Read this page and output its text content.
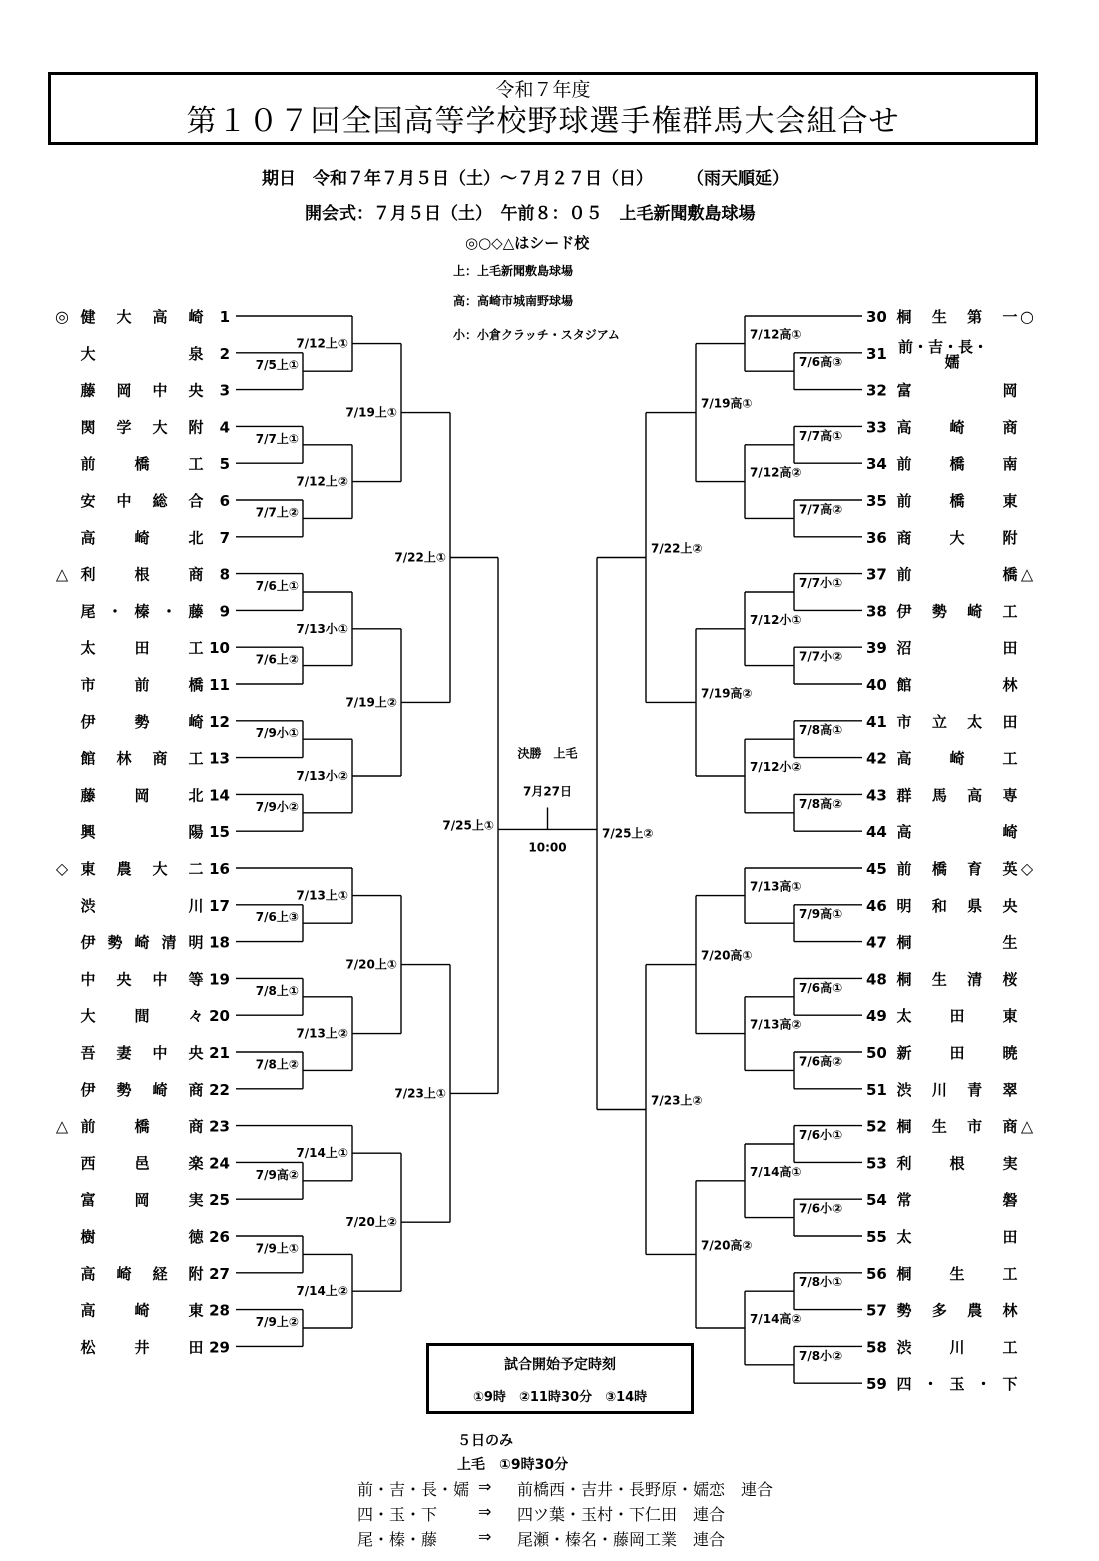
令和７年度
第１０７回全国高等学校野球選手権群馬大会組合せ
期日　令和７年７月５日（土）～７月２７日（日）　　　（雨天順延）
開会式：７月５日（土）　午前８：０５　上毛新聞敷島球場
◎○◇△はシード校
上：上毛新聞敷島球場
高：高崎市城南野球場
小：小倉クラッチ・スタジアム
◎ 健 大 高 崎 1
大	泉 2
藤 岡 中 央 3
関 学 大 附 4
前	橋	工 5
安 中 総 合 6
高	崎	北 7
△ 利	根	商 8
尾 ・ 榛 ・ 藤 9
太	田	工 10
市	前	橋 11
伊	勢	崎 12
館 林 商 工 13
藤	岡	北 14
興	陽 15
◇ 東 農 大 二 16
渋	川 17
伊 勢 崎 清 明 18
中 央 中 等 19
大	間	々 20
吾 妻 中 央 21
伊 勢 崎 商 22
△ 前	橋	商 23
西	邑	楽 24
富	岡	実 25
樹	徳 26
高 崎 経 附 27
高	崎	東 28
松	井	田 29
30 桐 生 第 一 ○
31 前・吉・長・
嬬
32 富	岡
33 高	崎	商
34 前	橋	南
35 前	橋	東
36 商	大	附
37 前	橋 △
38 伊 勢 崎 工
39 沼	田
40 館	林
41 市 立 太 田
42 高	崎	工
43 群 馬 高 専
44 高	崎
45 前 橋 育 英 ◇
46 明 和 県 央
47 桐	生
48 桐 生 清 桜
49 太	田	東
50 新	田	暁
51 渋 川 青 翠
52 桐 生 市 商 △
53 利	根	実
54 常	磐
55 太	田
56 桐	生	工
57 勢 多 農 林
58 渋	川	工
59 四 ・ 玉 ・ 下
7/5上①
7/12上①
7/7上①
7/7上②
7/12上②
7/19上①
7/6上①
7/6上②
7/13小①
7/9小①
7/9小②
7/13小②
7/19上②
7/22上①
7/6上③
7/13上①
7/8上①
7/8上②
7/13上②
7/20上①
7/9高②
7/14上①
7/9上①
7/9上②
7/14上②
7/20上②
7/23上①
7/25上①
7/6高③
7/12高①
7/7高①
7/7高②
7/12高②
7/19高①
7/7小①
7/7小②
7/12小①
7/8高①
7/8高②
7/12小②
7/19高②
7/22上②
7/9高①
7/13高①
7/6高①
7/6高②
7/13高②
7/20高①
7/6小①
7/6小②
7/14高①
7/8小①
7/8小②
7/14高②
7/20高②
7/23上②
7/25上②
決勝　上毛
7月27日
10:00
試合開始予定時刻
①9時　②11時30分　③14時
５日のみ
上毛　①9時30分
前・吉・長・嬬 ⇒ 前橋西・吉井・長野原・嬬恋　連合
四・玉・下	⇒ 四ツ葉・玉村・下仁田　連合
尾・榛・藤	⇒ 尾瀬・榛名・藤岡工業　連合
